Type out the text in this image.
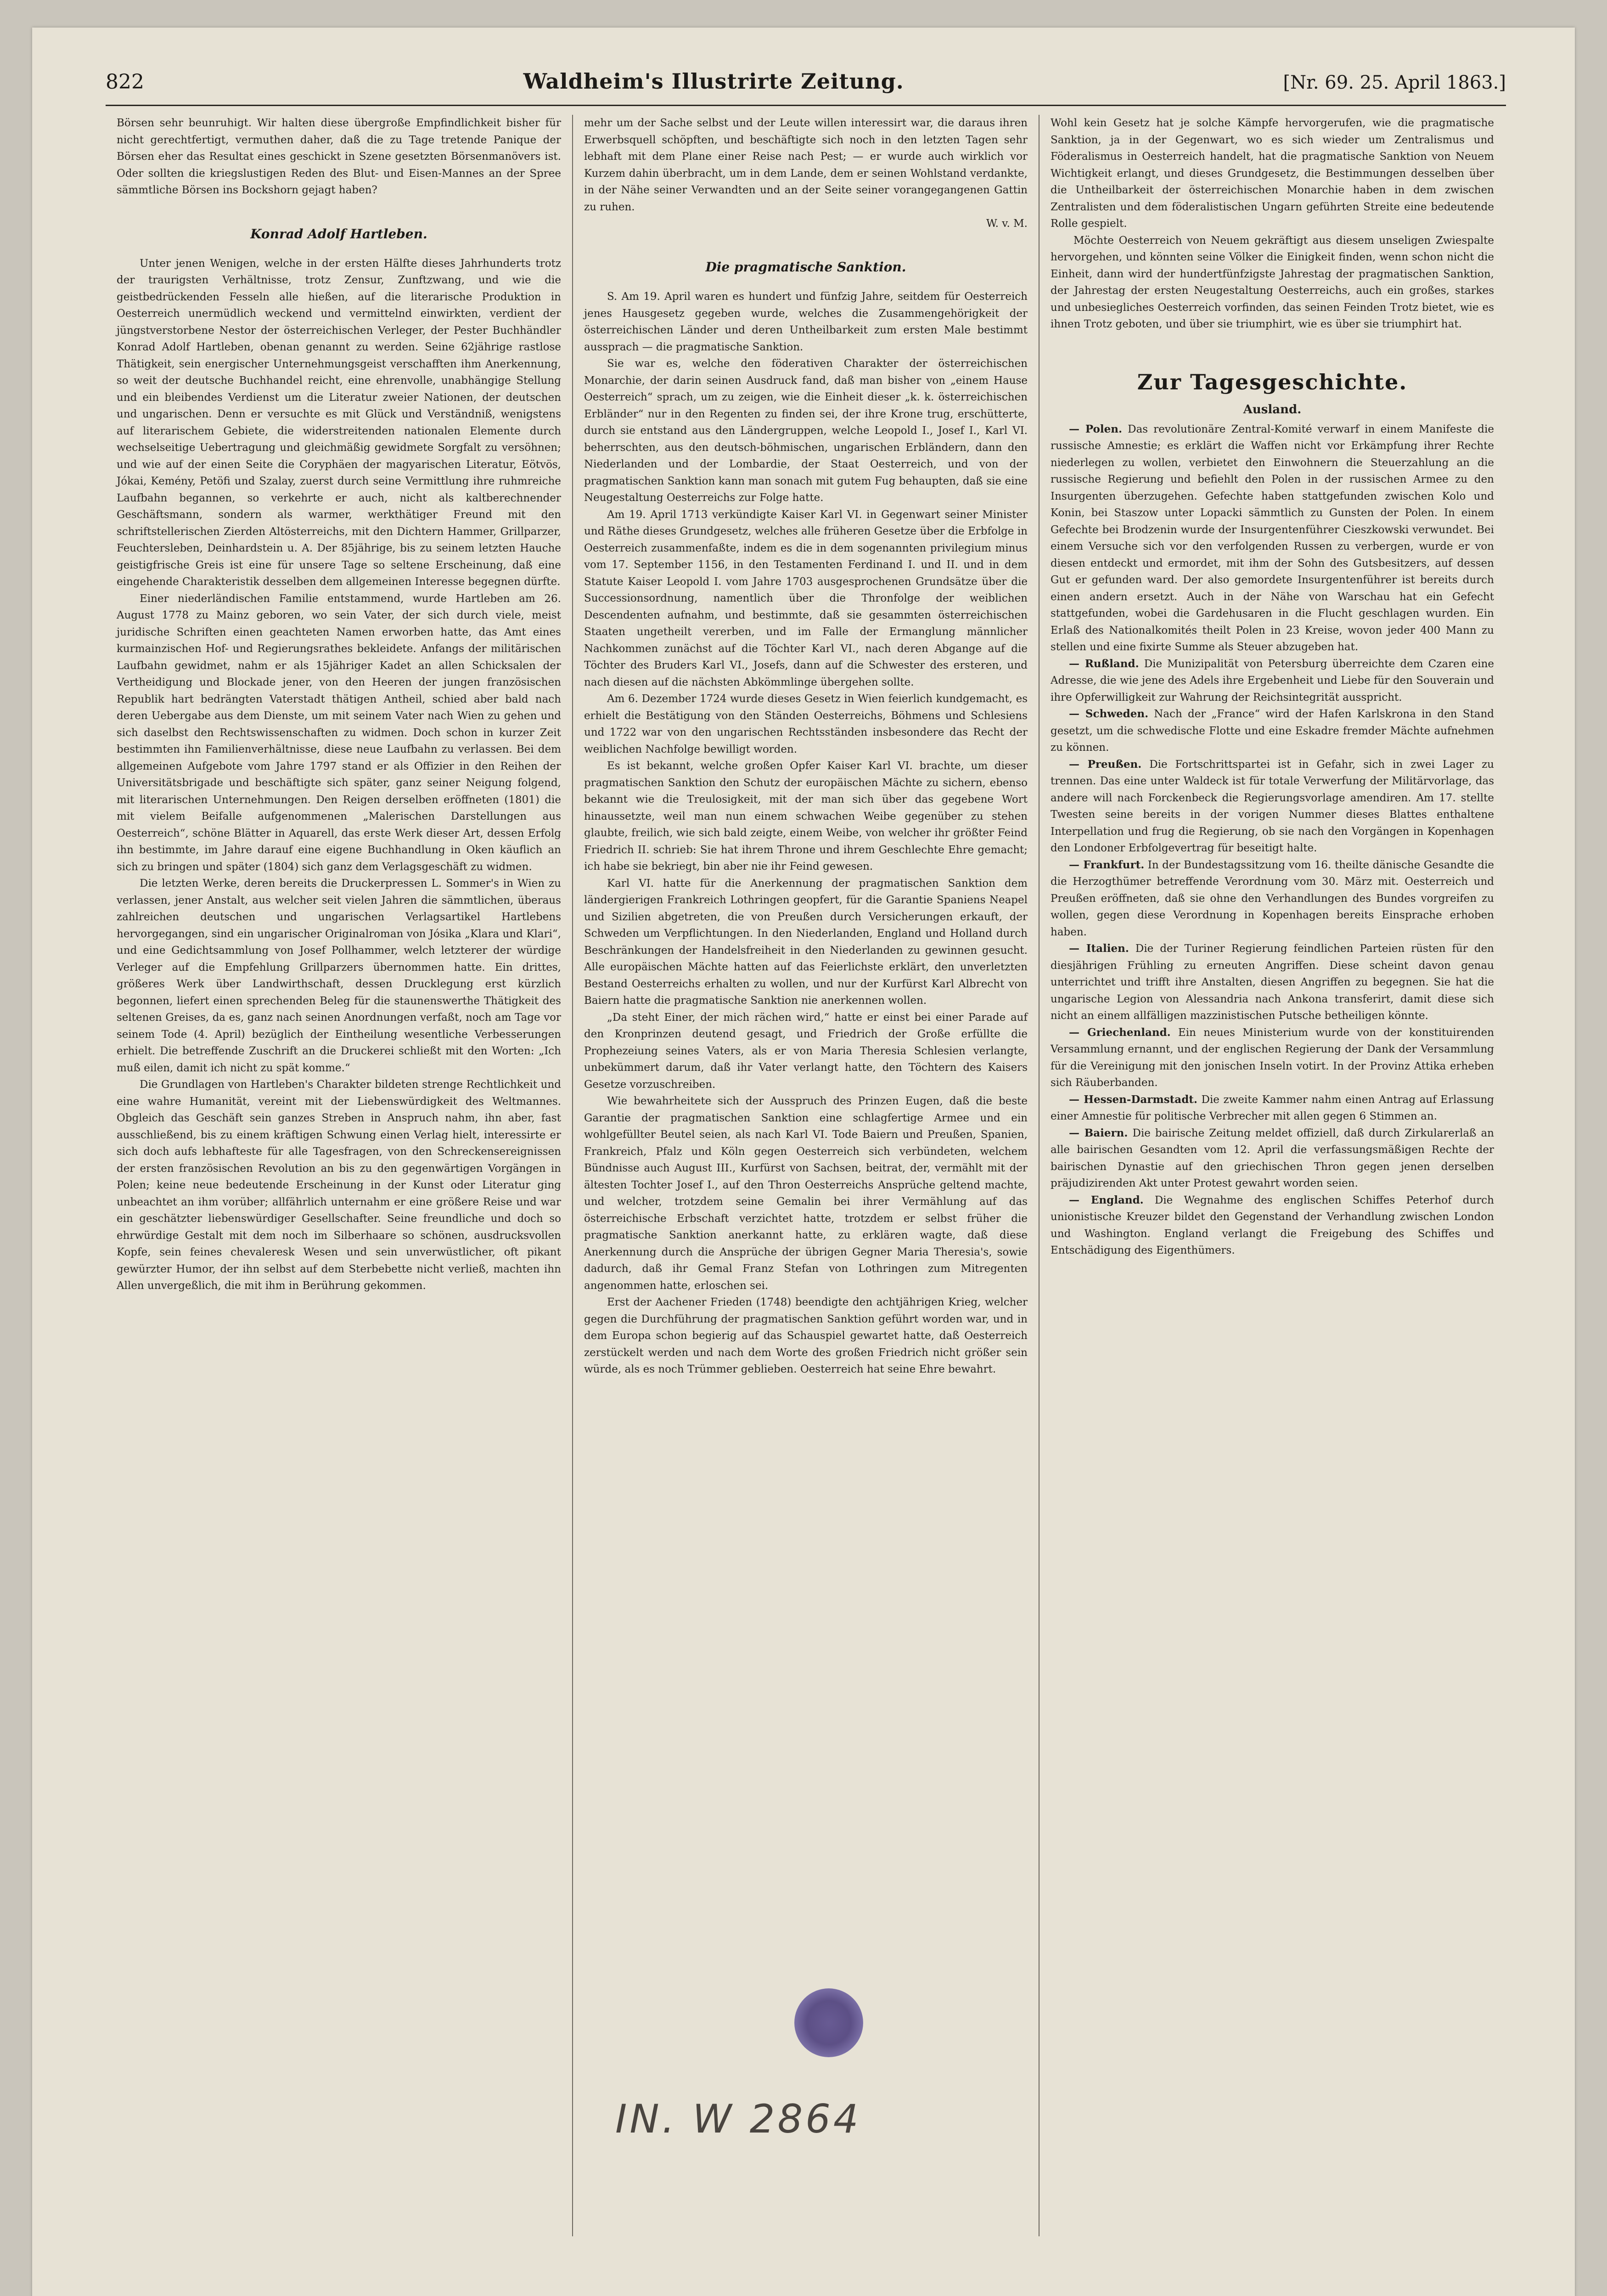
822	Waldheim's Illustrirte Zeitung.	[Nr. 69. 25. April 1863.]

Börsen sehr beunruhigt. Wir halten diese übergroße Empfindlichkeit bisher für nicht gerechtfertigt, vermuthen daher, daß die zu Tage tretende Panique der Börsen eher das Resultat eines geschickt in Szene gesetzten Börsenmanövers ist. Oder sollten die kriegslustigen Reden des Blut- und Eisen-Mannes an der Spree sämmtliche Börsen ins Bockshorn gejagt haben?

Konrad Adolf Hartleben.

Unter jenen Wenigen, welche in der ersten Hälfte dieses Jahrhunderts trotz der traurigsten Verhältnisse, trotz Zensur, Zunftzwang, und wie die geistbedrückenden Fesseln alle hießen, auf die literarische Produktion in Oesterreich unermüdlich weckend und vermittelnd einwirkten, verdient der jüngstverstorbene Nestor der österreichischen Verleger, der Pester Buchhändler Konrad Adolf Hartleben, obenan genannt zu werden. Seine 62jährige rastlose Thätigkeit, sein energischer Unternehmungsgeist verschafften ihm Anerkennung, so weit der deutsche Buchhandel reicht, eine ehrenvolle, unabhängige Stellung und ein bleibendes Verdienst um die Literatur zweier Nationen, der deutschen und ungarischen. Denn er versuchte es mit Glück und Verständniß, wenigstens auf literarischem Gebiete, die widerstreitenden nationalen Elemente durch wechselseitige Uebertragung und gleichmäßig gewidmete Sorgfalt zu versöhnen; und wie auf der einen Seite die Coryphäen der magyarischen Literatur, Eötvös, Jókai, Kemény, Petöfi und Szalay, zuerst durch seine Vermittlung ihre ruhmreiche Laufbahn begannen, so verkehrte er auch, nicht als kaltberechnender Geschäftsmann, sondern als warmer, werkthätiger Freund mit den schriftstellerischen Zierden Altösterreichs, mit den Dichtern Hammer, Grillparzer, Feuchtersleben, Deinhardstein u. A. Der 85jährige, bis zu seinem letzten Hauche geistigfrische Greis ist eine für unsere Tage so seltene Erscheinung, daß eine eingehende Charakteristik desselben dem allgemeinen Interesse begegnen dürfte.

Einer niederländischen Familie entstammend, wurde Hartleben am 26. August 1778 zu Mainz geboren, wo sein Vater, der sich durch viele, meist juridische Schriften einen geachteten Namen erworben hatte, das Amt eines kurmainzischen Hof- und Regierungsrathes bekleidete. Anfangs der militärischen Laufbahn gewidmet, nahm er als 15jähriger Kadet an allen Schicksalen der Vertheidigung und Blockade jener, von den Heeren der jungen französischen Republik hart bedrängten Vaterstadt thätigen Antheil, schied aber bald nach deren Uebergabe aus dem Dienste, um mit seinem Vater nach Wien zu gehen und sich daselbst den Rechtswissenschaften zu widmen. Doch schon in kurzer Zeit bestimmten ihn Familienverhältnisse, diese neue Laufbahn zu verlassen. Bei dem allgemeinen Aufgebote vom Jahre 1797 stand er als Offizier in den Reihen der Universitätsbrigade und beschäftigte sich später, ganz seiner Neigung folgend, mit literarischen Unternehmungen. Den Reigen derselben eröffneten (1801) die mit vielem Beifalle aufgenommenen „Malerischen Darstellungen aus Oesterreich“, schöne Blätter in Aquarell, das erste Werk dieser Art, dessen Erfolg ihn bestimmte, im Jahre darauf eine eigene Buchhandlung in Oken käuflich an sich zu bringen und später (1804) sich ganz dem Verlagsgeschäft zu widmen.

Die letzten Werke, deren bereits die Druckerpressen L. Sommer's in Wien zu verlassen, jener Anstalt, aus welcher seit vielen Jahren die sämmtlichen, überaus zahlreichen deutschen und ungarischen Verlagsartikel Hartlebens hervorgegangen, sind ein ungarischer Originalroman von Jósika „Klara und Klari“, und eine Gedichtsammlung von Josef Pollhammer, welch letzterer der würdige Verleger auf die Empfehlung Grillparzers übernommen hatte. Ein drittes, größeres Werk über Landwirthschaft, dessen Drucklegung erst kürzlich begonnen, liefert einen sprechenden Beleg für die staunenswerthe Thätigkeit des seltenen Greises, da es, ganz nach seinen Anordnungen verfaßt, noch am Tage vor seinem Tode (4. April) bezüglich der Eintheilung wesentliche Verbesserungen erhielt. Die betreffende Zuschrift an die Druckerei schließt mit den Worten: „Ich muß eilen, damit ich nicht zu spät komme.“

Die Grundlagen von Hartleben's Charakter bildeten strenge Rechtlichkeit und eine wahre Humanität, vereint mit der Liebenswürdigkeit des Weltmannes. Obgleich das Geschäft sein ganzes Streben in Anspruch nahm, ihn aber, fast ausschließend, bis zu einem kräftigen Schwung einen Verlag hielt, interessirte er sich doch aufs lebhafteste für alle Tagesfragen, von den Schreckensereignissen der ersten französischen Revolution an bis zu den gegenwärtigen Vorgängen in Polen; keine neue bedeutende Erscheinung in der Kunst oder Literatur ging unbeachtet an ihm vorüber; allfährlich unternahm er eine größere Reise und war ein geschätzter liebenswürdiger Gesellschafter. Seine freundliche und doch so ehrwürdige Gestalt mit dem noch im Silberhaare so schönen, ausdrucksvollen Kopfe, sein feines chevaleresk Wesen und sein unverwüstlicher, oft pikant gewürzter Humor, der ihn selbst auf dem Sterbebette nicht verließ, machten ihn Allen unvergeßlich, die mit ihm in Berührung gekommen.

mehr um der Sache selbst und der Leute willen interessirt war, die daraus ihren Erwerbsquell schöpften, und beschäftigte sich noch in den letzten Tagen sehr lebhaft mit dem Plane einer Reise nach Pest; — er wurde auch wirklich vor Kurzem dahin überbracht, um in dem Lande, dem er seinen Wohlstand verdankte, in der Nähe seiner Verwandten und an der Seite seiner vorangegangenen Gattin zu ruhen.

W. v. M.
Die pragmatische Sanktion.

S. Am 19. April waren es hundert und fünfzig Jahre, seitdem für Oesterreich jenes Hausgesetz gegeben wurde, welches die Zusammengehörigkeit der österreichischen Länder und deren Untheilbarkeit zum ersten Male bestimmt aussprach — die pragmatische Sanktion.

Sie war es, welche den föderativen Charakter der österreichischen Monarchie, der darin seinen Ausdruck fand, daß man bisher von „einem Hause Oesterreich“ sprach, um zu zeigen, wie die Einheit dieser „k. k. österreichischen Erbländer“ nur in den Regenten zu finden sei, der ihre Krone trug, erschütterte, durch sie entstand aus den Ländergruppen, welche Leopold I., Josef I., Karl VI. beherrschten, aus den deutsch-böhmischen, ungarischen Erbländern, dann den Niederlanden und der Lombardie, der Staat Oesterreich, und von der pragmatischen Sanktion kann man sonach mit gutem Fug behaupten, daß sie eine Neugestaltung Oesterreichs zur Folge hatte.

Am 19. April 1713 verkündigte Kaiser Karl VI. in Gegenwart seiner Minister und Räthe dieses Grundgesetz, welches alle früheren Gesetze über die Erbfolge in Oesterreich zusammenfaßte, indem es die in dem sogenannten privilegium minus vom 17. September 1156, in den Testamenten Ferdinand I. und II. und in dem Statute Kaiser Leopold I. vom Jahre 1703 ausgesprochenen Grundsätze über die Successionsordnung, namentlich über die Thronfolge der weiblichen Descendenten aufnahm, und bestimmte, daß sie gesammten österreichischen Staaten ungetheilt vererben, und im Falle der Ermanglung männlicher Nachkommen zunächst auf die Töchter Karl VI., nach deren Abgange auf die Töchter des Bruders Karl VI., Josefs, dann auf die Schwester des ersteren, und nach diesen auf die nächsten Abkömmlinge übergehen sollte.

Am 6. Dezember 1724 wurde dieses Gesetz in Wien feierlich kundgemacht, es erhielt die Bestätigung von den Ständen Oesterreichs, Böhmens und Schlesiens und 1722 war von den ungarischen Rechtsständen insbesondere das Recht der weiblichen Nachfolge bewilligt worden.

Es ist bekannt, welche großen Opfer Kaiser Karl VI. brachte, um dieser pragmatischen Sanktion den Schutz der europäischen Mächte zu sichern, ebenso bekannt wie die Treulosigkeit, mit der man sich über das gegebene Wort hinaussetzte, weil man nun einem schwachen Weibe gegenüber zu stehen glaubte, freilich, wie sich bald zeigte, einem Weibe, von welcher ihr größter Feind Friedrich II. schrieb: Sie hat ihrem Throne und ihrem Geschlechte Ehre gemacht; ich habe sie bekriegt, bin aber nie ihr Feind gewesen.

Karl VI. hatte für die Anerkennung der pragmatischen Sanktion dem ländergierigen Frankreich Lothringen geopfert, für die Garantie Spaniens Neapel und Sizilien abgetreten, die von Preußen durch Versicherungen erkauft, der Schweden um Verpflichtungen. In den Niederlanden, England und Holland durch Beschränkungen der Handelsfreiheit in den Niederlanden zu gewinnen gesucht. Alle europäischen Mächte hatten auf das Feierlichste erklärt, den unverletzten Bestand Oesterreichs erhalten zu wollen, und nur der Kurfürst Karl Albrecht von Baiern hatte die pragmatische Sanktion nie anerkennen wollen.

„Da steht Einer, der mich rächen wird,“ hatte er einst bei einer Parade auf den Kronprinzen deutend gesagt, und Friedrich der Große erfüllte die Prophezeiung seines Vaters, als er von Maria Theresia Schlesien verlangte, unbekümmert darum, daß ihr Vater verlangt hatte, den Töchtern des Kaisers Gesetze vorzuschreiben.

Wie bewahrheitete sich der Ausspruch des Prinzen Eugen, daß die beste Garantie der pragmatischen Sanktion eine schlagfertige Armee und ein wohlgefüllter Beutel seien, als nach Karl VI. Tode Baiern und Preußen, Spanien, Frankreich, Pfalz und Köln gegen Oesterreich sich verbündeten, welchem Bündnisse auch August III., Kurfürst von Sachsen, beitrat, der, vermählt mit der ältesten Tochter Josef I., auf den Thron Oesterreichs Ansprüche geltend machte, und welcher, trotzdem seine Gemalin bei ihrer Vermählung auf das österreichische Erbschaft verzichtet hatte, trotzdem er selbst früher die pragmatische Sanktion anerkannt hatte, zu erklären wagte, daß diese Anerkennung durch die Ansprüche der übrigen Gegner Maria Theresia's, sowie dadurch, daß ihr Gemal Franz Stefan von Lothringen zum Mitregenten angenommen hatte, erloschen sei.

Erst der Aachener Frieden (1748) beendigte den achtjährigen Krieg, welcher gegen die Durchführung der pragmatischen Sanktion geführt worden war, und in dem Europa schon begierig auf das Schauspiel gewartet hatte, daß Oesterreich zerstückelt werden und nach dem Worte des großen Friedrich nicht größer sein würde, als es noch Trümmer geblieben. Oesterreich hat seine Ehre bewahrt.

Wohl kein Gesetz hat je solche Kämpfe hervorgerufen, wie die pragmatische Sanktion, ja in der Gegenwart, wo es sich wieder um Zentralismus und Föderalismus in Oesterreich handelt, hat die pragmatische Sanktion von Neuem Wichtigkeit erlangt, und dieses Grundgesetz, die Bestimmungen desselben über die Untheilbarkeit der österreichischen Monarchie haben in dem zwischen Zentralisten und dem föderalistischen Ungarn geführten Streite eine bedeutende Rolle gespielt.

Möchte Oesterreich von Neuem gekräftigt aus diesem unseligen Zwiespalte hervorgehen, und könnten seine Völker die Einigkeit finden, wenn schon nicht die Einheit, dann wird der hundertfünfzigste Jahrestag der pragmatischen Sanktion, der Jahrestag der ersten Neugestaltung Oesterreichs, auch ein großes, starkes und unbesiegliches Oesterreich vorfinden, das seinen Feinden Trotz bietet, wie es ihnen Trotz geboten, und über sie triumphirt, wie es über sie triumphirt hat.

Zur Tagesgeschichte.
Ausland.

— Polen. Das revolutionäre Zentral-Komité verwarf in einem Manifeste die russische Amnestie; es erklärt die Waffen nicht vor Erkämpfung ihrer Rechte niederlegen zu wollen, verbietet den Einwohnern die Steuerzahlung an die russische Regierung und befiehlt den Polen in der russischen Armee zu den Insurgenten überzugehen. Gefechte haben stattgefunden zwischen Kolo und Konin, bei Staszow unter Lopacki sämmtlich zu Gunsten der Polen. In einem Gefechte bei Brodzenin wurde der Insurgentenführer Cieszkowski verwundet. Bei einem Versuche sich vor den verfolgenden Russen zu verbergen, wurde er von diesen entdeckt und ermordet, mit ihm der Sohn des Gutsbesitzers, auf dessen Gut er gefunden ward. Der also gemordete Insurgentenführer ist bereits durch einen andern ersetzt. Auch in der Nähe von Warschau hat ein Gefecht stattgefunden, wobei die Gardehusaren in die Flucht geschlagen wurden. Ein Erlaß des Nationalkomités theilt Polen in 23 Kreise, wovon jeder 400 Mann zu stellen und eine fixirte Summe als Steuer abzugeben hat.

— Rußland. Die Munizipalität von Petersburg überreichte dem Czaren eine Adresse, die wie jene des Adels ihre Ergebenheit und Liebe für den Souverain und ihre Opferwilligkeit zur Wahrung der Reichsintegrität ausspricht.

— Schweden. Nach der „France“ wird der Hafen Karlskrona in den Stand gesetzt, um die schwedische Flotte und eine Eskadre fremder Mächte aufnehmen zu können.

— Preußen. Die Fortschrittspartei ist in Gefahr, sich in zwei Lager zu trennen. Das eine unter Waldeck ist für totale Verwerfung der Militärvorlage, das andere will nach Forckenbeck die Regierungsvorlage amendiren. Am 17. stellte Twesten seine bereits in der vorigen Nummer dieses Blattes enthaltene Interpellation und frug die Regierung, ob sie nach den Vorgängen in Kopenhagen den Londoner Erbfolgevertrag für beseitigt halte.

— Frankfurt. In der Bundestagssitzung vom 16. theilte dänische Gesandte die die Herzogthümer betreffende Verordnung vom 30. März mit. Oesterreich und Preußen eröffneten, daß sie ohne den Verhandlungen des Bundes vorgreifen zu wollen, gegen diese Verordnung in Kopenhagen bereits Einsprache erhoben haben.

— Italien. Die der Turiner Regierung feindlichen Parteien rüsten für den diesjährigen Frühling zu erneuten Angriffen. Diese scheint davon genau unterrichtet und trifft ihre Anstalten, diesen Angriffen zu begegnen. Sie hat die ungarische Legion von Alessandria nach Ankona transferirt, damit diese sich nicht an einem allfälligen mazzinistischen Putsche betheiligen könnte.

— Griechenland. Ein neues Ministerium wurde von der konstituirenden Versammlung ernannt, und der englischen Regierung der Dank der Versammlung für die Vereinigung mit den jonischen Inseln votirt. In der Provinz Attika erheben sich Räuberbanden.

— Hessen-Darmstadt. Die zweite Kammer nahm einen Antrag auf Erlassung einer Amnestie für politische Verbrecher mit allen gegen 6 Stimmen an.

— Baiern. Die bairische Zeitung meldet offiziell, daß durch Zirkularerlaß an alle bairischen Gesandten vom 12. April die verfassungsmäßigen Rechte der bairischen Dynastie auf den griechischen Thron gegen jenen derselben präjudizirenden Akt unter Protest gewahrt worden seien.

— England. Die Wegnahme des englischen Schiffes Peterhof durch unionistische Kreuzer bildet den Gegenstand der Verhandlung zwischen London und Washington. England verlangt die Freigebung des Schiffes und Entschädigung des Eigenthümers.

IN. W 2864
